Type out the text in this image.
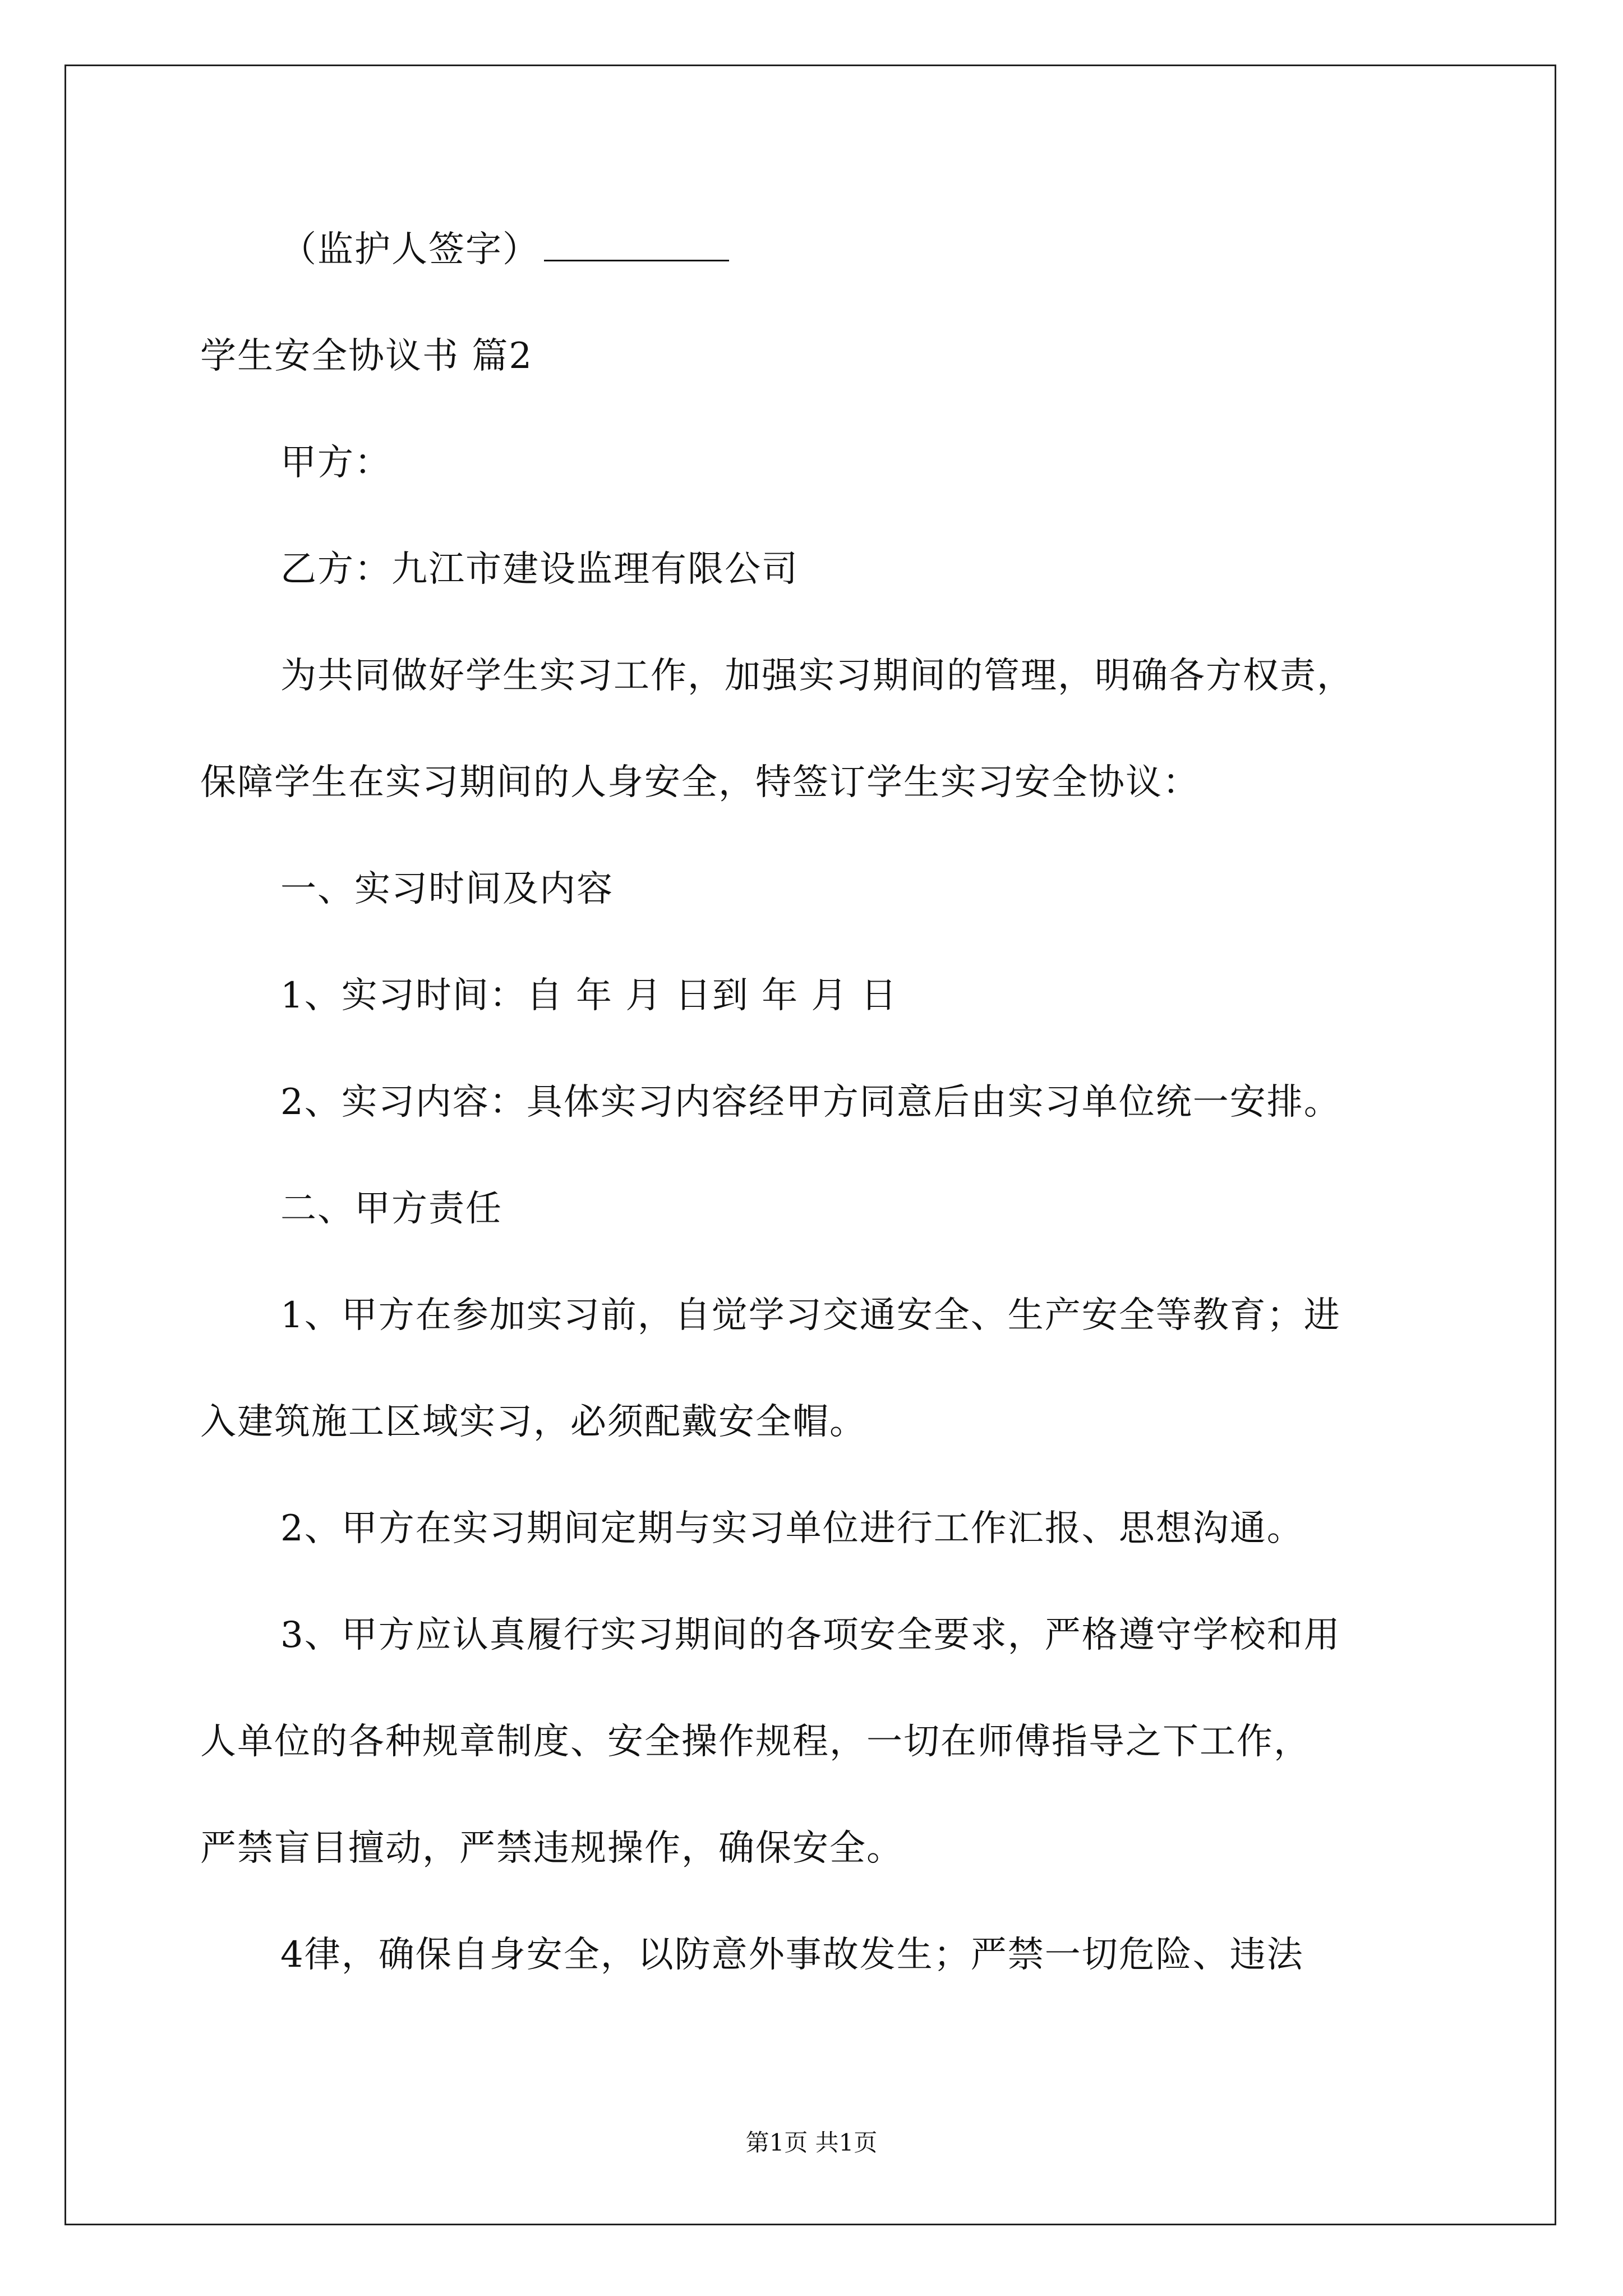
（监护人签字）
学生安全协议书 篇2
甲方：
乙方：九江市建设监理有限公司
为共同做好学生实习工作，加强实习期间的管理，明确各方权责，
保障学生在实习期间的人身安全，特签订学生实习安全协议：
一、实习时间及内容
1、实习时间：自 年 月 日到 年 月 日
2、实习内容：具体实习内容经甲方同意后由实习单位统一安排。
二、甲方责任
1、甲方在参加实习前，自觉学习交通安全、生产安全等教育；进
入建筑施工区域实习，必须配戴安全帽。
2、甲方在实习期间定期与实习单位进行工作汇报、思想沟通。
3、甲方应认真履行实习期间的各项安全要求，严格遵守学校和用
人单位的各种规章制度、安全操作规程，一切在师傅指导之下工作，
严禁盲目擅动，严禁违规操作，确保安全。
4律，确保自身安全，以防意外事故发生；严禁一切危险、违法
第1页 共1页
